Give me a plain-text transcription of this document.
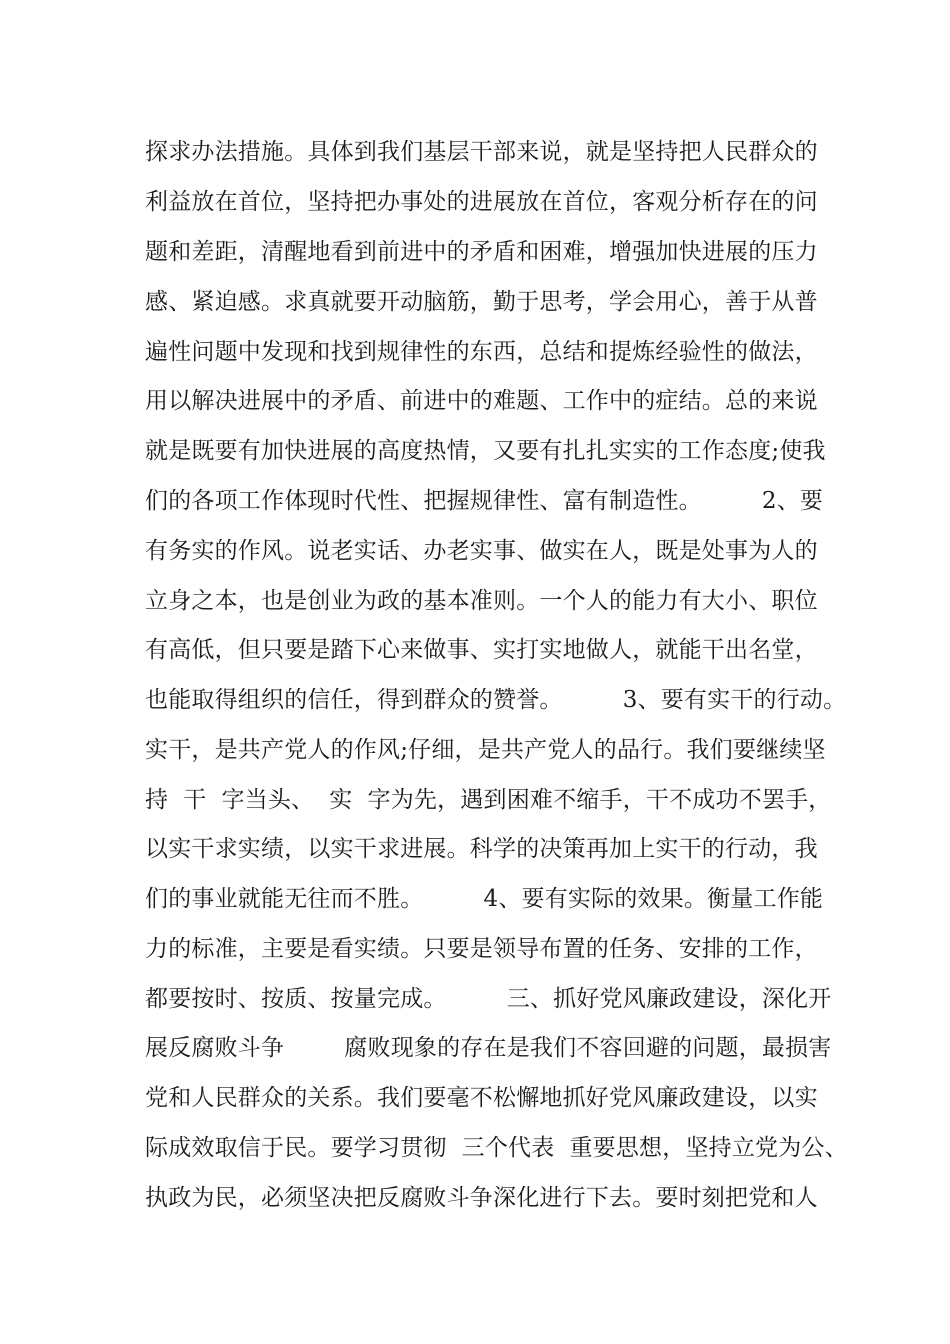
探求办法措施。具体到我们基层干部来说，就是坚持把人民群众的
利益放在首位，坚持把办事处的进展放在首位，客观分析存在的问
题和差距，清醒地看到前进中的矛盾和困难，增强加快进展的压力
感、紧迫感。求真就要开动脑筋，勤于思考，学会用心，善于从普
遍性问题中发现和找到规律性的东西，总结和提炼经验性的做法，
用以解决进展中的矛盾、前进中的难题、工作中的症结。总的来说
就是既要有加快进展的高度热情，又要有扎扎实实的工作态度;使我
们的各项工作体现时代性、把握规律性、富有制造性。        2、要
有务实的作风。说老实话、办老实事、做实在人，既是处事为人的
立身之本，也是创业为政的基本准则。一个人的能力有大小、职位
有高低，但只要是踏下心来做事、实打实地做人，就能干出名堂，
也能取得组织的信任，得到群众的赞誉。        3、要有实干的行动。
实干，是共产党人的作风;仔细，是共产党人的品行。我们要继续坚
持  干  字当头、  实  字为先，遇到困难不缩手，干不成功不罢手，
以实干求实绩，以实干求进展。科学的决策再加上实干的行动，我
们的事业就能无往而不胜。        4、要有实际的效果。衡量工作能
力的标准，主要是看实绩。只要是领导布置的任务、安排的工作，
都要按时、按质、按量完成。        三、抓好党风廉政建设，深化开
展反腐败斗争        腐败现象的存在是我们不容回避的问题，最损害
党和人民群众的关系。我们要毫不松懈地抓好党风廉政建设，以实
际成效取信于民。要学习贯彻  三个代表  重要思想，坚持立党为公、
执政为民，必须坚决把反腐败斗争深化进行下去。要时刻把党和人
